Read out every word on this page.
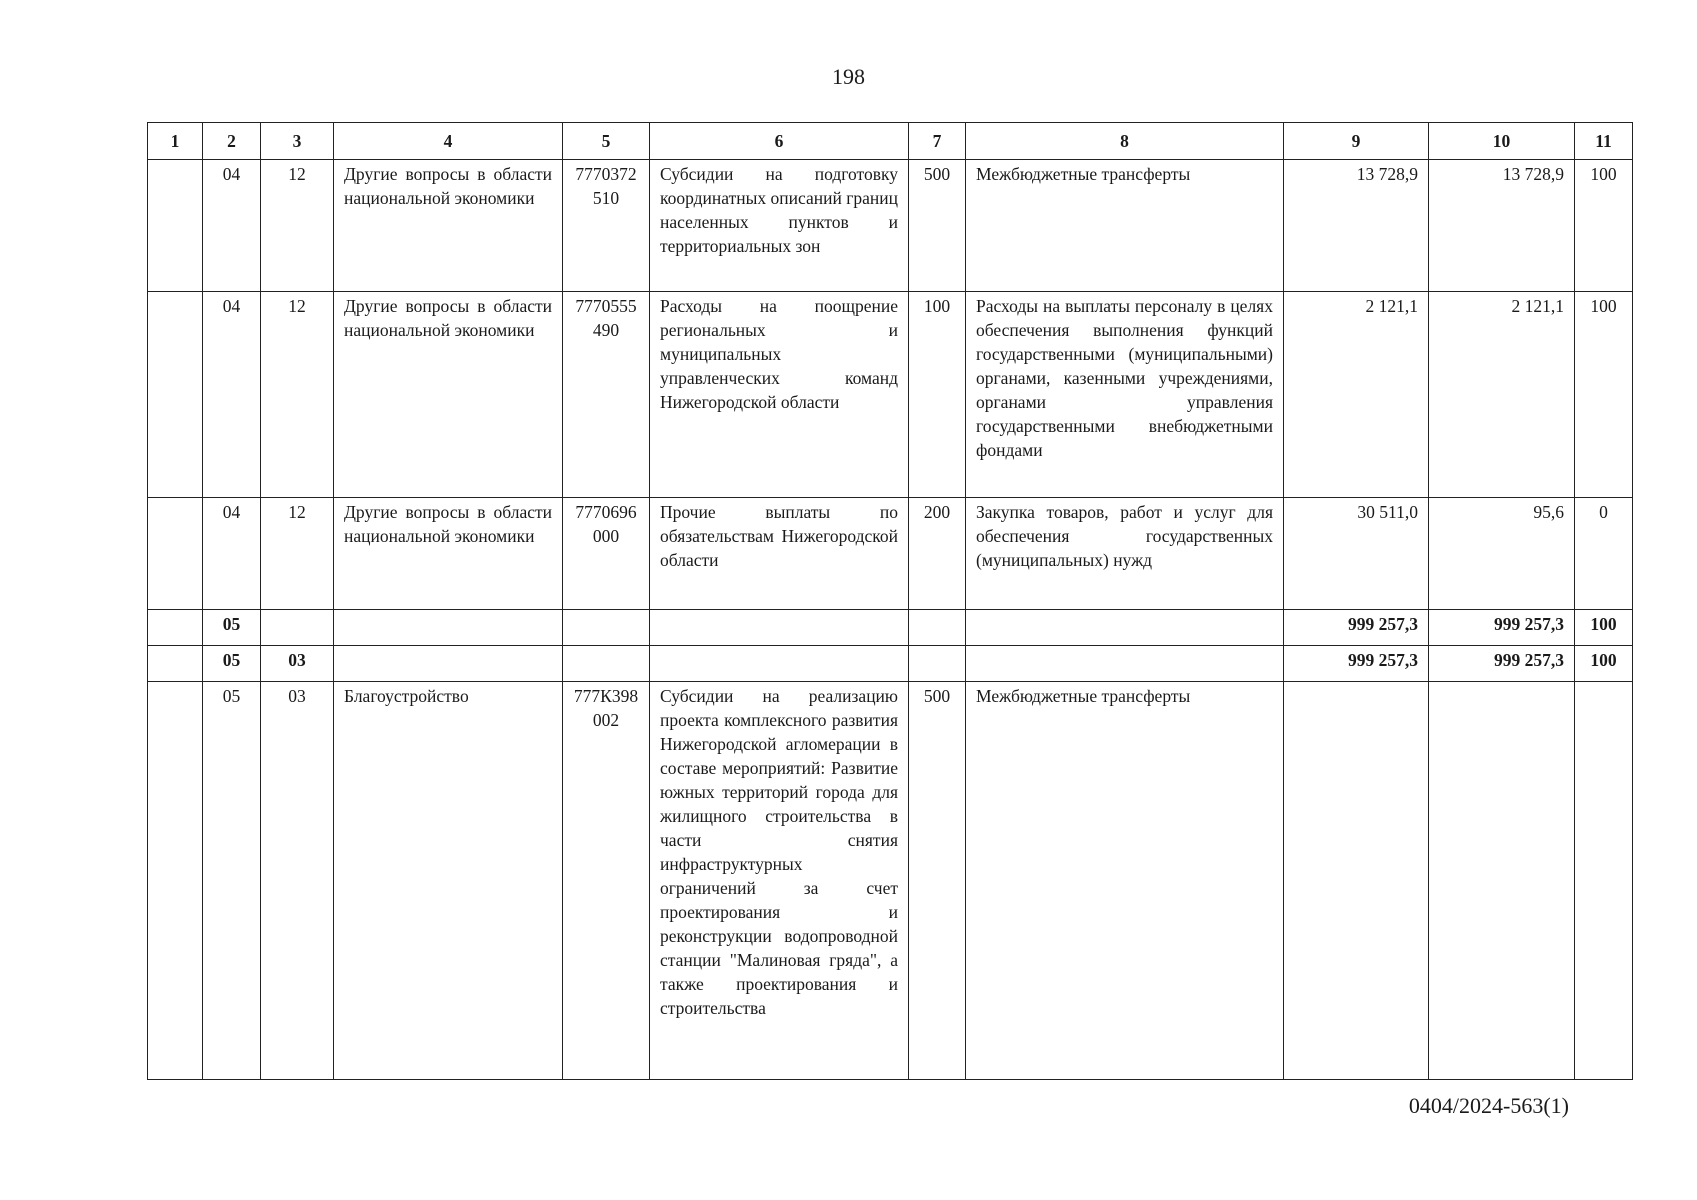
198
1	2	3	4	5	6	7	8	9	10	11
	04	12	Другие вопросы в области национальной экономики	7770372510	Субсидии на подготовку координатных описаний границ населенных пунктов и территориальных зон	500	Межбюджетные трансферты	13 728,9	13 728,9	100
	04	12	Другие вопросы в области национальной экономики	7770555490	Расходы на поощрение региональных и муниципальных управленческих команд Нижегородской области	100	Расходы на выплаты персоналу в целях обеспечения выполнения функций государственными (муниципальными) органами, казенными учреждениями, органами управления государственными внебюджетными фондами	2 121,1	2 121,1	100
	04	12	Другие вопросы в области национальной экономики	7770696000	Прочие выплаты по обязательствам Нижегородской области	200	Закупка товаров, работ и услуг для обеспечения государственных (муниципальных) нужд	30 511,0	95,6	0
	05							999 257,3	999 257,3	100
	05	03						999 257,3	999 257,3	100
	05	03	Благоустройство	777К398002	Субсидии на реализацию проекта комплексного развития Нижегородской агломерации в составе мероприятий: Развитие южных территорий города для жилищного строительства в части снятия инфраструктурных ограничений за счет проектирования и реконструкции водопроводной станции "Малиновая гряда", а также проектирования и строительства	500	Межбюджетные трансферты			
0404/2024-563(1)
